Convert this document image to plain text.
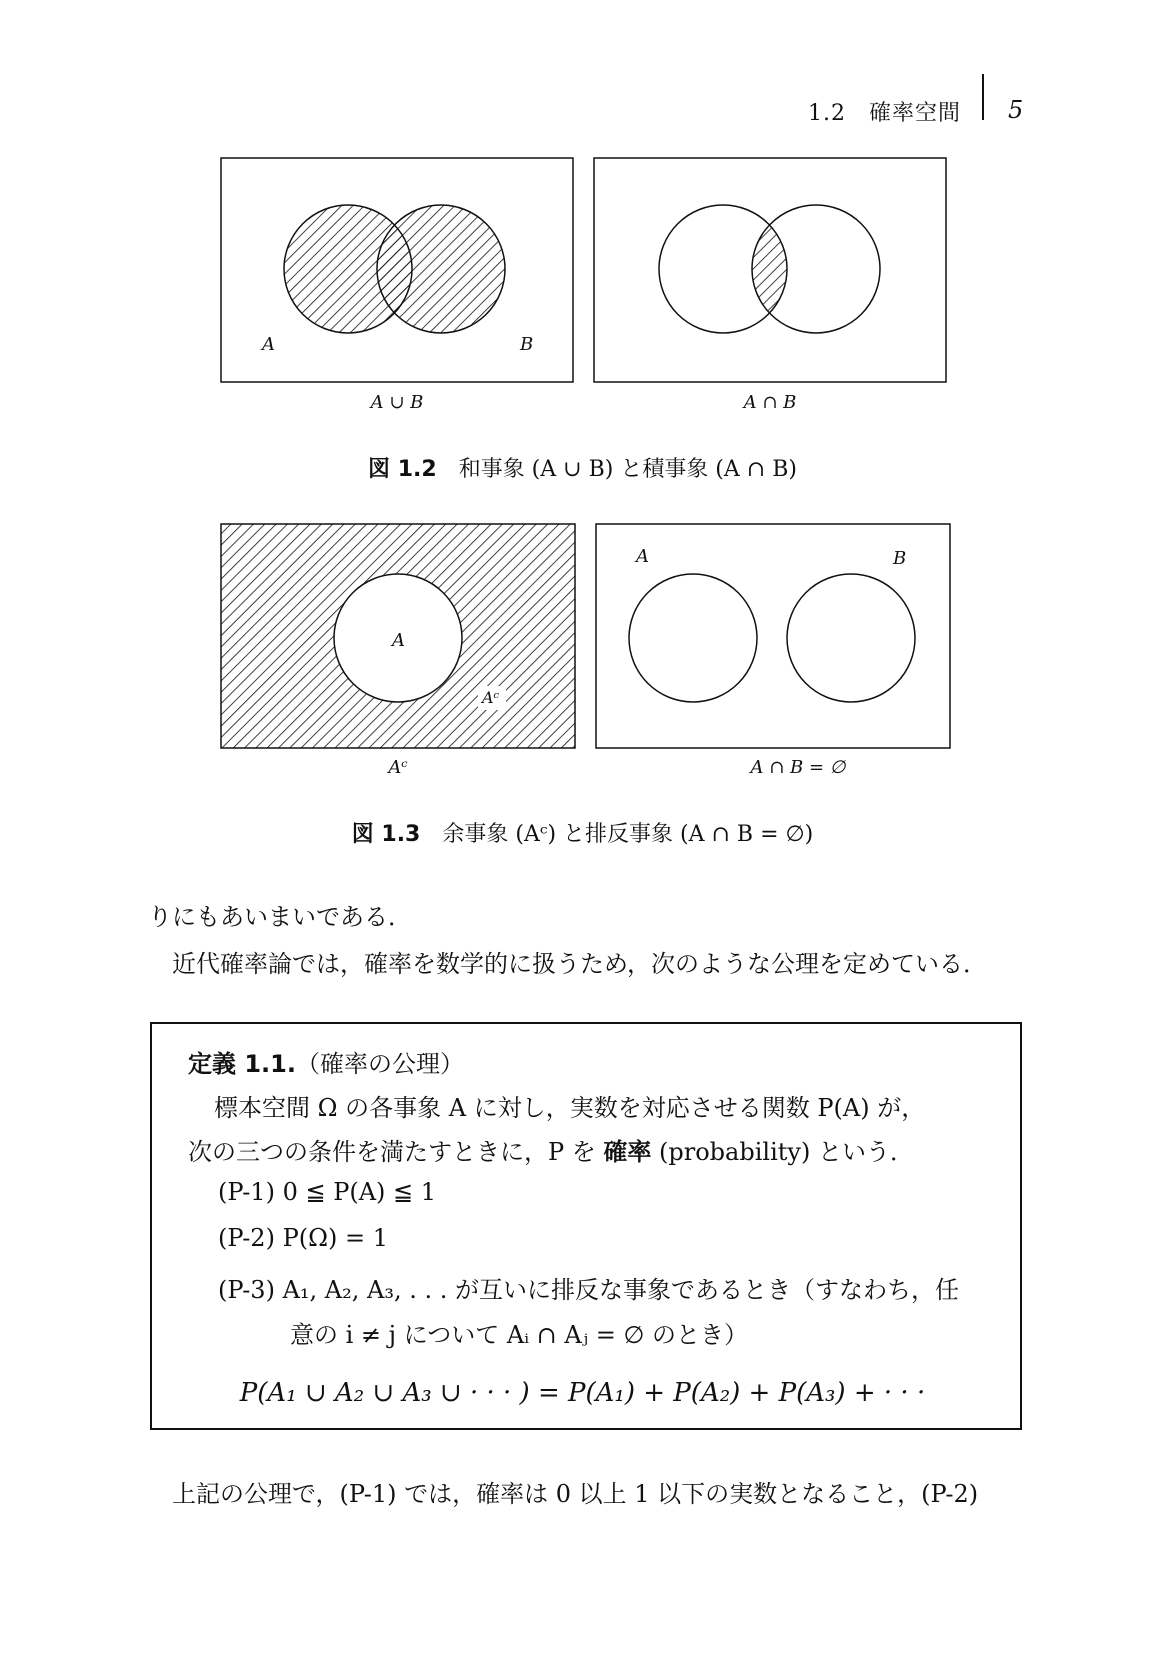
1.2　確率空間 5
A	B
A ∪ B	A ∩ B
図 1.2 和事象 (A ∪ B) と積事象 (A ∩ B)
A
Aᶜ
A	B
Aᶜ	A ∩ B = ∅
図 1.3 余事象 (Aᶜ) と排反事象 (A ∩ B = ∅)
りにもあいまいである．
近代確率論では，確率を数学的に扱うため，次のような公理を定めている．
定義 1.1.（確率の公理）
標本空間 Ω の各事象 A に対し，実数を対応させる関数 P(A) が，
次の三つの条件を満たすときに，P を 確率 (probability) という．
(P-1) 0 ≦ P(A) ≦ 1
(P-2) P(Ω) = 1
(P-3) A₁, A₂, A₃, . . . が互いに排反な事象であるとき（すなわち，任
意の i ≠ j について Aᵢ ∩ Aⱼ = ∅ のとき）
P(A₁ ∪ A₂ ∪ A₃ ∪ · · · ) = P(A₁) + P(A₂) + P(A₃) + · · ·
上記の公理で，(P-1) では，確率は 0 以上 1 以下の実数となること，(P-2)
